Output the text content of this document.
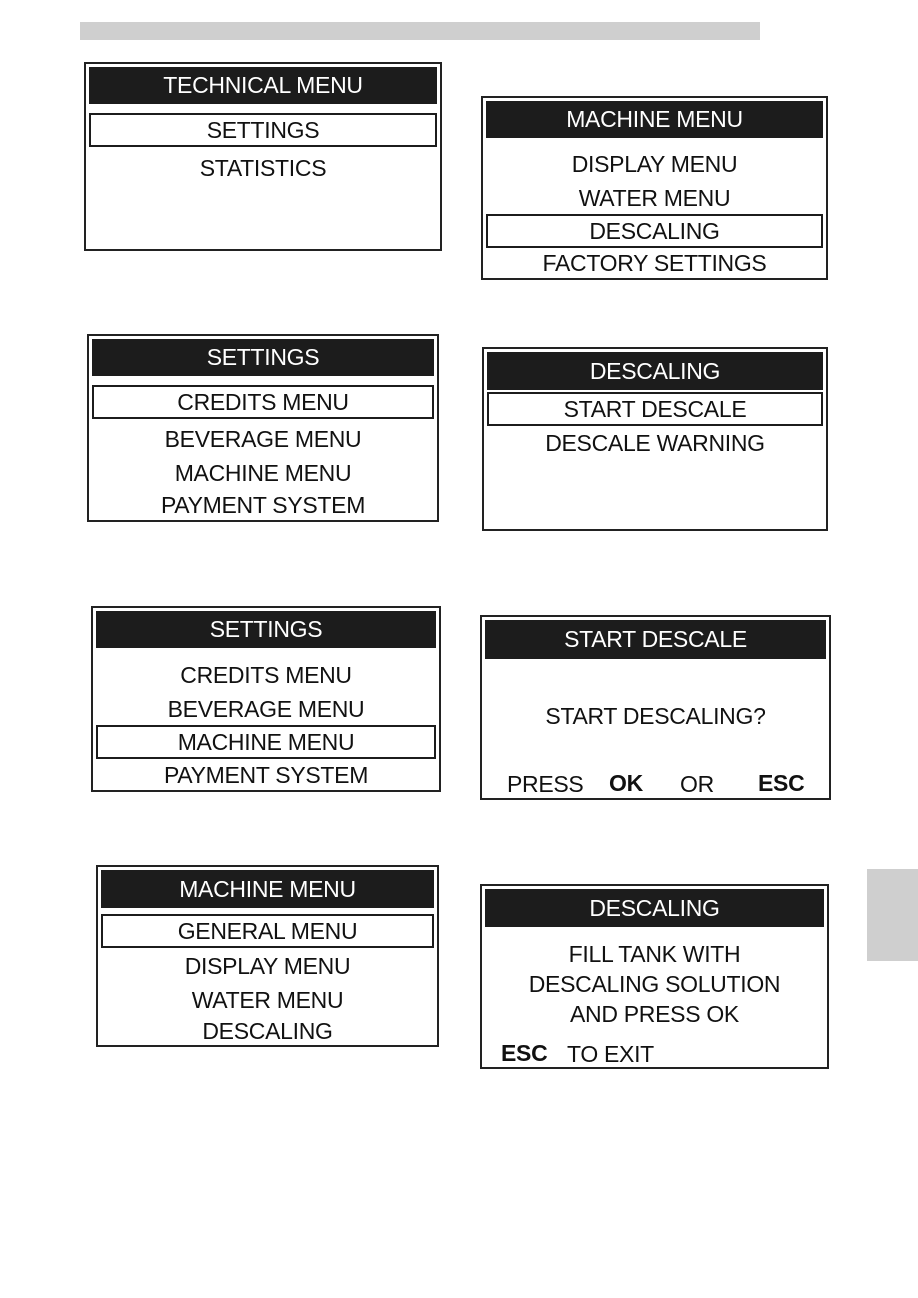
TECHNICAL MENU
SETTINGS
STATISTICS
MACHINE MENU
DISPLAY MENU
WATER MENU
DESCALING
FACTORY SETTINGS
SETTINGS
CREDITS MENU
BEVERAGE MENU
MACHINE MENU
PAYMENT SYSTEM
DESCALING
START DESCALE
DESCALE WARNING
SETTINGS
CREDITS MENU
BEVERAGE MENU
MACHINE MENU
PAYMENT SYSTEM
START DESCALE
START DESCALING?
PRESS OK OR ESC
MACHINE MENU
GENERAL MENU
DISPLAY MENU
WATER MENU
DESCALING
DESCALING
FILL TANK WITH
DESCALING SOLUTION
AND PRESS OK
ESC TO EXIT
